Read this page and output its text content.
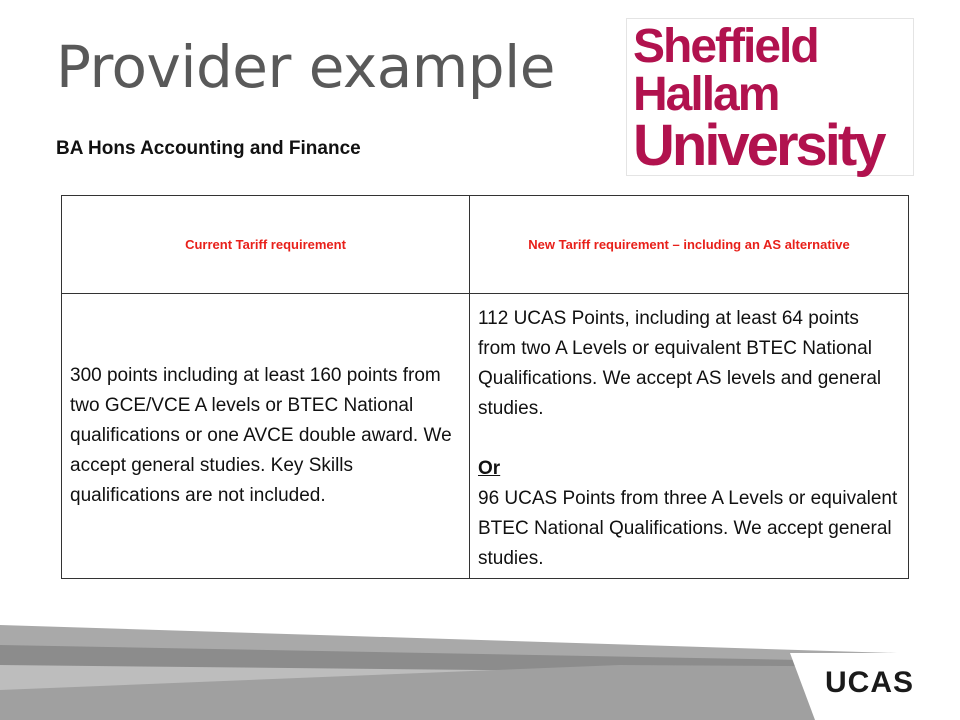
Provider example
BA Hons Accounting and Finance
Sheffield
Hallam
University
Current Tariff requirement	New Tariff requirement – including an AS alternative
300 points including at least 160 points from two GCE/VCE A levels or BTEC National qualifications or one AVCE double award. We accept general studies. Key Skills qualifications are not included.	112 UCAS Points, including at least 64 points from two A Levels or equivalent BTEC National Qualifications. We accept AS levels and general studies.
Or
96 UCAS Points from three A Levels or equivalent BTEC National Qualifications. We accept general studies.
UCAS
